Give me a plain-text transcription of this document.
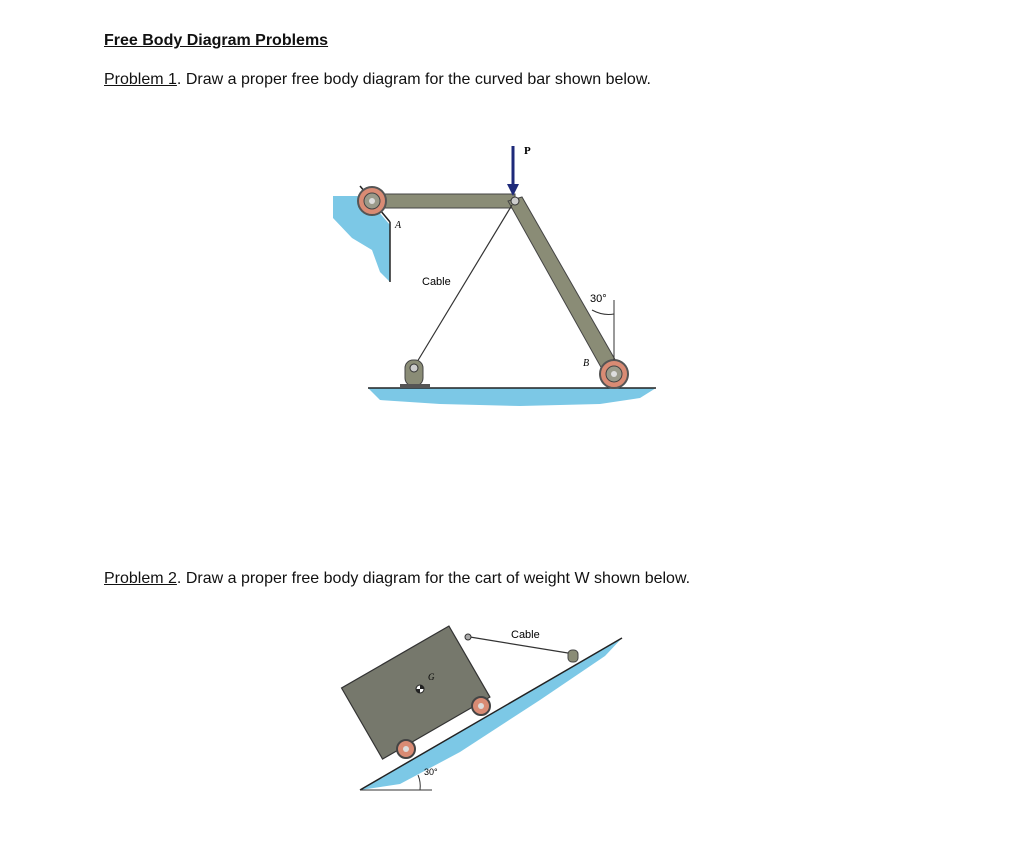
Free Body Diagram Problems
Problem 1. Draw a proper free body diagram for the curved bar shown below.
Problem 2. Draw a proper free body diagram for the cart of weight W shown below.
P
A
B
Cable
30°
Cable
G
30°
